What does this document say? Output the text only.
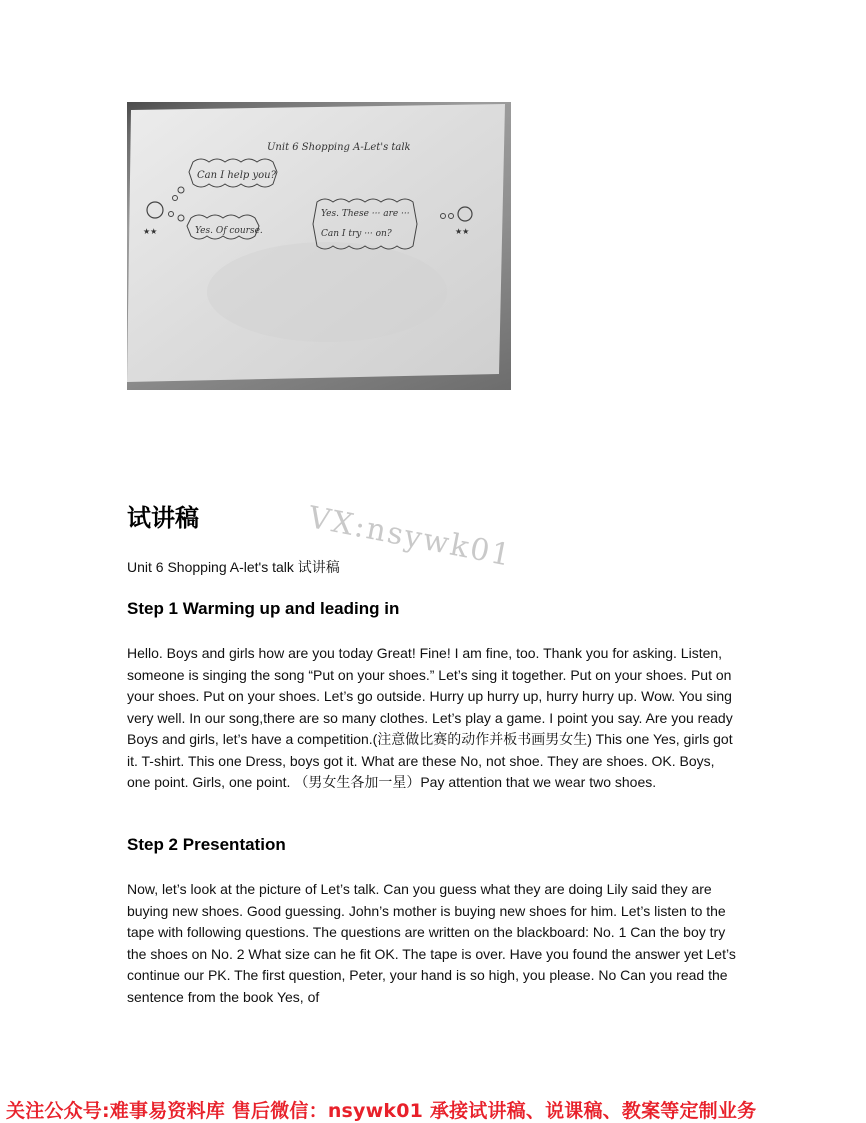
Unit 6 Shopping A-Let's talk
Can I help you?
Yes. Of course.
★★
Yes. These ··· are ···
Can I try ··· on?	★★
试讲稿	VX:nsywk01
Unit 6 Shopping A-let's talk 试讲稿
Step 1 Warming up and leading in

Hello. Boys and girls how are you today Great! Fine! I am fine, too. Thank you for asking. Listen, someone is singing the song “Put on your shoes.” Let’s sing it together. Put on your shoes. Put on your shoes. Put on your shoes. Let’s go outside. Hurry up hurry up, hurry hurry up. Wow. You sing very well. In our song,there are so many clothes. Let’s play a game. I point you say. Are you ready Boys and girls, let’s have a competition.(注意做比赛的动作并板书画男女生) This one Yes, girls got it. T-shirt. This one Dress, boys got it. What are these No, not shoe. They are shoes. OK. Boys, one point. Girls, one point. （男女生各加一星）Pay attention that we wear two shoes.

Step 2 Presentation

Now, let’s look at the picture of Let’s talk. Can you guess what they are doing Lily said they are buying new shoes. Good guessing. John’s mother is buying new shoes for him. Let’s listen to the tape with following questions. The questions are written on the blackboard: No. 1 Can the boy try the shoes on No. 2 What size can he fit OK. The tape is over. Have you found the answer yet Let’s continue our PK. The first question, Peter, your hand is so high, you please. No Can you read the sentence from the book Yes, of

关注公众号:难事易资料库 售后微信：nsywk01 承接试讲稿、说课稿、教案等定制业务
